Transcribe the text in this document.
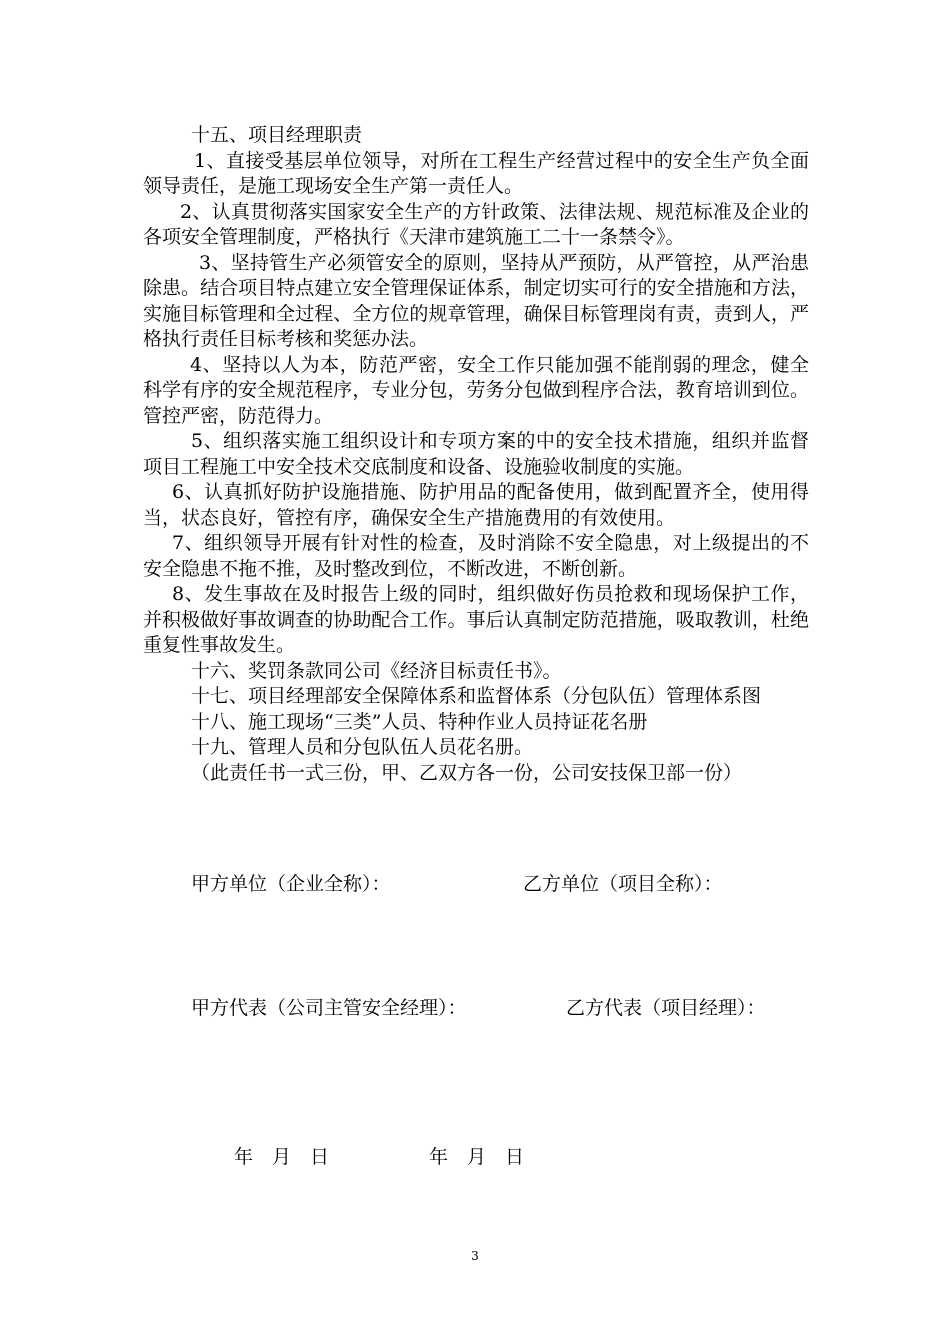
十五、项目经理职责

1、直接受基层单位领导，对所在工程生产经营过程中的安全生产负全面领导责任，是施工现场安全生产第一责任人。

2、认真贯彻落实国家安全生产的方针政策、法律法规、规范标准及企业的各项安全管理制度，严格执行《天津市建筑施工二十一条禁令》。

3、坚持管生产必须管安全的原则，坚持从严预防，从严管控，从严治患除患。结合项目特点建立安全管理保证体系，制定切实可行的安全措施和方法，实施目标管理和全过程、全方位的规章管理，确保目标管理岗有责，责到人，严格执行责任目标考核和奖惩办法。

4、坚持以人为本，防范严密，安全工作只能加强不能削弱的理念，健全科学有序的安全规范程序，专业分包，劳务分包做到程序合法，教育培训到位。管控严密，防范得力。

5、组织落实施工组织设计和专项方案的中的安全技术措施，组织并监督项目工程施工中安全技术交底制度和设备、设施验收制度的实施。

6、认真抓好防护设施措施、防护用品的配备使用，做到配置齐全，使用得当，状态良好，管控有序，确保安全生产措施费用的有效使用。

7、组织领导开展有针对性的检查，及时消除不安全隐患，对上级提出的不安全隐患不拖不推，及时整改到位，不断改进，不断创新。

8、发生事故在及时报告上级的同时，组织做好伤员抢救和现场保护工作，并积极做好事故调查的协助配合工作。事后认真制定防范措施，吸取教训，杜绝重复性事故发生。

十六、奖罚条款同公司《经济目标责任书》。

十七、项目经理部安全保障体系和监督体系（分包队伍）管理体系图

十八、施工现场“三类”人员、特种作业人员持证花名册

十九、管理人员和分包队伍人员花名册。

（此责任书一式三份，甲、乙双方各一份，公司安技保卫部一份）

甲方单位（企业全称）：	乙方单位（项目全称）：
甲方代表（公司主管安全经理）：	乙方代表（项目经理）：
年　月　日	年　月　日
3
